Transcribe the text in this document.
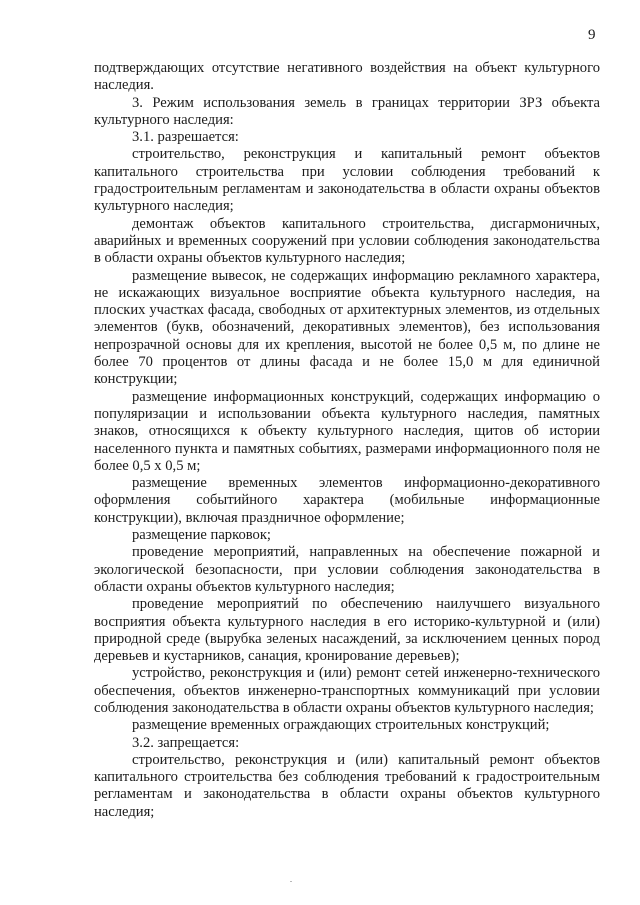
9

подтверждающих отсутствие негативного воздействия на объект культурного наследия.

3. Режим использования земель в границах территории ЗРЗ объекта культурного наследия:

3.1. разрешается:

строительство, реконструкция и капитальный ремонт объектов капитального строительства при условии соблюдения требований к градостроительным регламентам и законодательства в области охраны объектов культурного наследия;

демонтаж объектов капитального строительства, дисгармоничных, аварийных и временных сооружений при условии соблюдения законодательства в области охраны объектов культурного наследия;

размещение вывесок, не содержащих информацию рекламного характера, не искажающих визуальное восприятие объекта культурного наследия, на плоских участках фасада, свободных от архитектурных элементов, из отдельных элементов (букв, обозначений, декоративных элементов), без использования непрозрачной основы для их крепления, высотой не более 0,5 м, по длине не более 70 процентов от длины фасада и не более 15,0 м для единичной конструкции;

размещение информационных конструкций, содержащих информацию о популяризации и использовании объекта культурного наследия, памятных знаков, относящихся к объекту культурного наследия, щитов об истории населенного пункта и памятных событиях, размерами информационного поля не более 0,5 х 0,5 м;

размещение временных элементов информационно-декоративного оформления событийного характера (мобильные информационные конструкции), включая праздничное оформление;

размещение парковок;

проведение мероприятий, направленных на обеспечение пожарной и экологической безопасности, при условии соблюдения законодательства в области охраны объектов культурного наследия;

проведение мероприятий по обеспечению наилучшего визуального восприятия объекта культурного наследия в его историко-культурной и (или) природной среде (вырубка зеленых насаждений, за исключением ценных пород деревьев и кустарников, санация, кронирование деревьев);

устройство, реконструкция и (или) ремонт сетей инженерно-технического обеспечения, объектов инженерно-транспортных коммуникаций при условии соблюдения законодательства в области охраны объектов культурного наследия;

размещение временных ограждающих строительных конструкций;

3.2. запрещается:

строительство, реконструкция и (или) капитальный ремонт объектов капитального строительства без соблюдения требований к градостроительным регламентам и законодательства в области охраны объектов культурного наследия;
